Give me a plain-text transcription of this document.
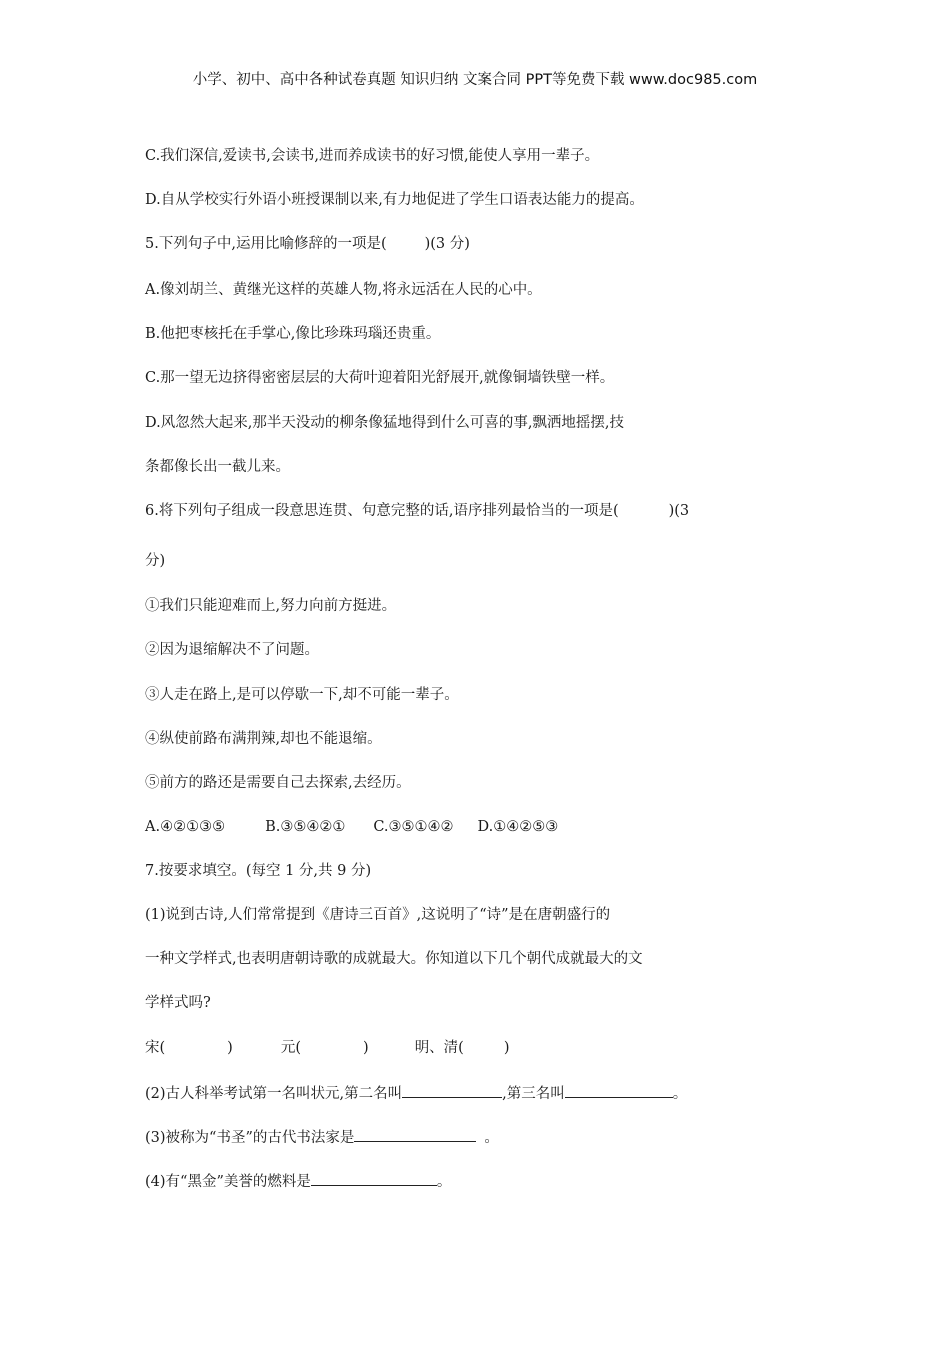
小学、初中、高中各种试卷真题 知识归纳 文案合同 PPT等免费下载 www.doc985.com
C.我们深信,爱读书,会读书,进而养成读书的好习惯,能使人享用一辈子。
D.自从学校实行外语小班授课制以来,有力地促进了学生口语表达能力的提高。
5.下列句子中,运用比喻修辞的一项是(	)(3 分)
A.像刘胡兰、黄继光这样的英雄人物,将永远活在人民的心中。
B.他把枣核托在手掌心,像比珍珠玛瑙还贵重。
C.那一望无边挤得密密层层的大荷叶迎着阳光舒展开,就像铜墙铁壁一样。
D.风忽然大起来,那半天没动的柳条像猛地得到什么可喜的事,飘洒地摇摆,技
条都像长出一截儿来。
6.将下列句子组成一段意思连贯、句意完整的话,语序排列最恰当的一项是(	)(3
分)
①我们只能迎难而上,努力向前方挺进。
②因为退缩解决不了问题。
③人走在路上,是可以停歇一下,却不可能一辈子。
④纵使前路布满荆辣,却也不能退缩。
⑤前方的路还是需要自己去探索,去经历。
A.④②①③⑤	B.③⑤④②① C.③⑤①④② D.①④②⑤③
7.按要求填空。(每空 1 分,共 9 分)
(1)说到古诗,人们常常提到《唐诗三百首》,这说明了“诗”是在唐朝盛行的
一种文学样式,也表明唐朝诗歌的成就最大。你知道以下几个朝代成就最大的文
学样式吗?
宋(	)	元(	)	明、清(	)
(2)古人科举考试第一名叫状元,第二名叫	,第三名叫	。
(3)被称为“书圣”的古代书法家是	。
(4)有“黑金”美誉的燃料是	。
